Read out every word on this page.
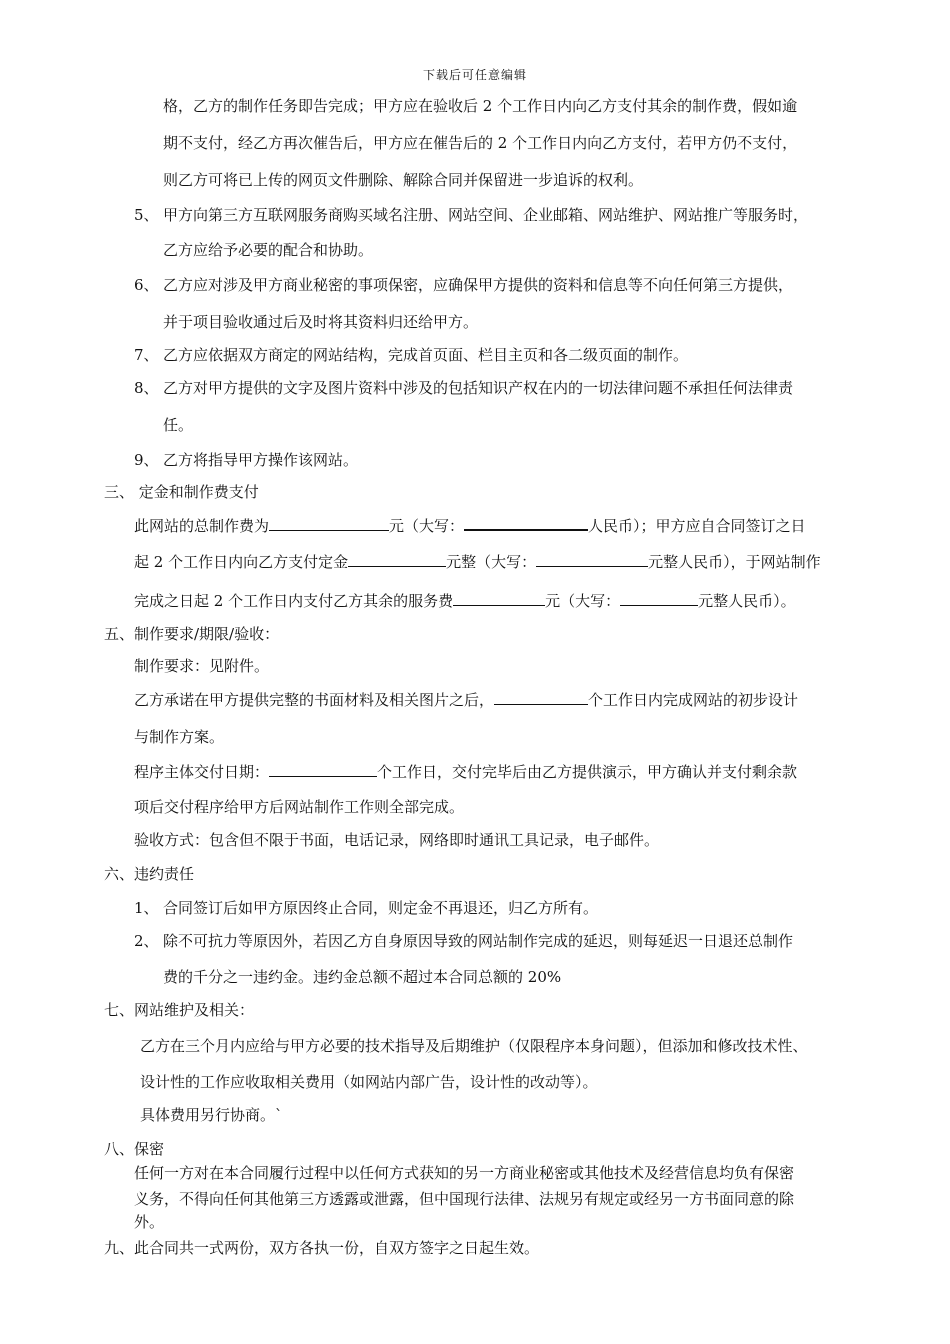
下载后可任意编辑
格，乙方的制作任务即告完成；甲方应在验收后 2 个工作日内向乙方支付其余的制作费，假如逾
期不支付，经乙方再次催告后，甲方应在催告后的 2 个工作日内向乙方支付，若甲方仍不支付，
则乙方可将已上传的网页文件删除、解除合同并保留进一步追诉的权利。
5、 甲方向第三方互联网服务商购买域名注册、网站空间、企业邮箱、网站维护、网站推广等服务时，
乙方应给予必要的配合和协助。
6、 乙方应对涉及甲方商业秘密的事项保密，应确保甲方提供的资料和信息等不向任何第三方提供，
并于项目验收通过后及时将其资料归还给甲方。
7、 乙方应依据双方商定的网站结构，完成首页面、栏目主页和各二级页面的制作。
8、 乙方对甲方提供的文字及图片资料中涉及的包括知识产权在内的一切法律问题不承担任何法律责
任。
9、 乙方将指导甲方操作该网站。
三、 定金和制作费支付
此网站的总制作费为	元（大写：	人民币）；甲方应自合同签订之日
起 2 个工作日内向乙方支付定金	元整（大写：	元整人民币），于网站制作
完成之日起 2 个工作日内支付乙方其余的服务费	元（大写：	元整人民币）。
五、制作要求/期限/验收：
制作要求：见附件。
乙方承诺在甲方提供完整的书面材料及相关图片之后，	个工作日内完成网站的初步设计
与制作方案。
程序主体交付日期：	个工作日，交付完毕后由乙方提供演示，甲方确认并支付剩余款
项后交付程序给甲方后网站制作工作则全部完成。
验收方式：包含但不限于书面，电话记录，网络即时通讯工具记录，电子邮件。
六、违约责任
1、 合同签订后如甲方原因终止合同，则定金不再退还，归乙方所有。
2、 除不可抗力等原因外，若因乙方自身原因导致的网站制作完成的延迟，则每延迟一日退还总制作
费的千分之一违约金。违约金总额不超过本合同总额的 20%
七、网站维护及相关：
乙方在三个月内应给与甲方必要的技术指导及后期维护（仅限程序本身问题），但添加和修改技术性、
设计性的工作应收取相关费用（如网站内部广告，设计性的改动等）。
具体费用另行协商。`
八、保密
任何一方对在本合同履行过程中以任何方式获知的另一方商业秘密或其他技术及经营信息均负有保密
义务，不得向任何其他第三方透露或泄露，但中国现行法律、法规另有规定或经另一方书面同意的除
外。
九、此合同共一式两份，双方各执一份，自双方签字之日起生效。
